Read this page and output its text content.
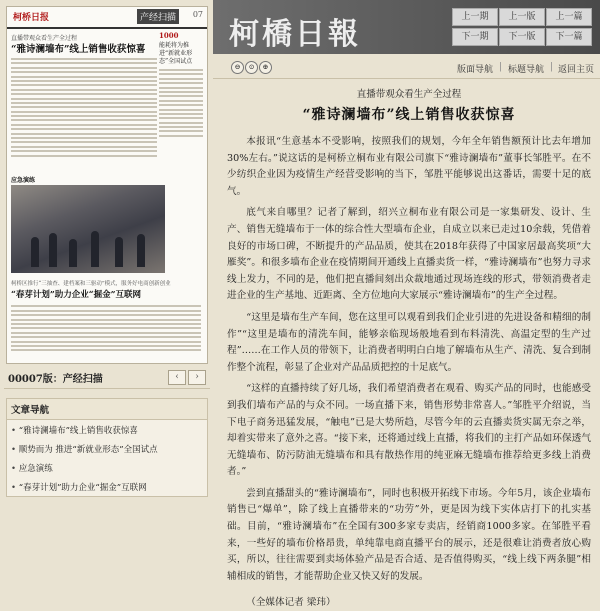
柯桥日报	产经扫描	07
直播带观众看生产全过程
“雅诗澜墙布”线上销售收获惊喜
1000
能耗将为推进“新就业形态”全国试点
应急演练
柯桥区推行“三抽查、建档案和三驱动”模式，服务好电商创新创业
“春芽计划”助力企业“掘金”互联网
00007版：产经扫描	‹	›
文章导航
• “雅诗澜墙布”线上销售收获惊喜
• 顺势而为 推进“新就业形态”全国试点
• 应急演练
• “春芽计划”助力企业“掘金”互联网
柯橋日報	上一期	上一版	上一篇
下一期	下一版	下一篇
⊖	⊙	⊕	版面导航 | 标题导航 | 返回主页
直播带观众看生产全过程
“雅诗澜墙布”线上销售收获惊喜

本报讯“生意基本不受影响，按照我们的规划，今年全年销售额预计比去年增加30%左右。”说这话的是柯桥立桐布业有限公司旗下“雅诗澜墙布”董事长邹胜平。在不少纺织企业因为疫情生产经营受影响的当下，邹胜平能够说出这番话，需要十足的底气。

底气来自哪里？记者了解到，绍兴立桐布业有限公司是一家集研发、设计、生产、销售无缝墙布于一体的综合性大型墙布企业，自成立以来已走过10余载，凭借着良好的市场口碑，不断提升的产品品质，使其在2018年获得了中国家居最高奖项“大雁奖”。和很多墙布企业在疫情期间开通线上直播卖货一样，“雅诗澜墙布”也努力寻求线上发力，不同的是，他们把直播间刻出众裁地通过现场连线的形式，带领消费者走进企业的生产基地、近距离、全方位地向大家展示“雅诗澜墙布”的生产全过程。

“这里是墙布生产车间，您在这里可以观看到我们企业引进的先进设备和精细的制作”“这里是墙布的清洗车间，能够亲临现场般地看到布料清洗、高温定型的生产过程”……在工作人员的带领下，让消费者明明白白地了解墙布从生产、清洗、复合到制作整个流程，彰显了企业对产品品质把控的十足底气。

“这样的直播持续了好几场，我们希望消费者在观看、购买产品的同时，也能感受到我们墙布产品的与众不同。一场直播下来，销售形势非常喜人。”邹胜平介绍说，当下电子商务迅猛发展，“触电”已是大势所趋，尽管今年的云直播卖货实属无奈之举，却着实带来了意外之喜。“接下来，还将通过线上直播，将我们的主打产品如环保透气无缝墙布、防污防油无缝墙布和具有散热作用的纯亚麻无缝墙布推荐给更多线上消费者。”

尝到直播甜头的“雅诗澜墙布”，同时也积极开拓线下市场。今年5月，该企业墙布销售已“爆单”，除了线上直播带来的“功劳”外，更是因为线下实体店打下的扎实基础。目前，“雅诗澜墙布”在全国有300多家专卖店，经销商1000多家。在邹胜平看来，一些好的墙布价格昂贵，单纯靠电商直播平台的展示，还是很难让消费者放心购买，所以，往往需要到卖场体验产品是否合适、是否值得购买，“线上线下两条腿”相辅相成的销售，才能帮助企业又快又好的发展。

（全媒体记者 梁玮）
